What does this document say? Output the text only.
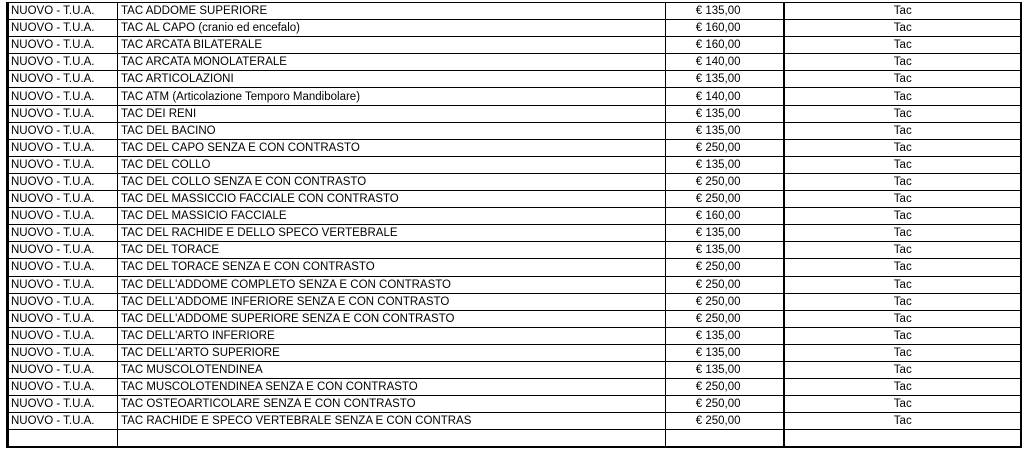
NUOVO - T.U.A.	TAC ADDOME SUPERIORE	€ 135,00	Tac
NUOVO - T.U.A.	TAC AL CAPO (cranio ed encefalo)	€ 160,00	Tac
NUOVO - T.U.A.	TAC ARCATA BILATERALE	€ 160,00	Tac
NUOVO - T.U.A.	TAC ARCATA MONOLATERALE	€ 140,00	Tac
NUOVO - T.U.A.	TAC ARTICOLAZIONI	€ 135,00	Tac
NUOVO - T.U.A.	TAC ATM (Articolazione Temporo Mandibolare)	€ 140,00	Tac
NUOVO - T.U.A.	TAC DEI RENI	€ 135,00	Tac
NUOVO - T.U.A.	TAC DEL BACINO	€ 135,00	Tac
NUOVO - T.U.A.	TAC DEL CAPO SENZA E CON CONTRASTO	€ 250,00	Tac
NUOVO - T.U.A.	TAC DEL COLLO	€ 135,00	Tac
NUOVO - T.U.A.	TAC DEL COLLO SENZA E CON CONTRASTO	€ 250,00	Tac
NUOVO - T.U.A.	TAC DEL MASSICCIO FACCIALE CON CONTRASTO	€ 250,00	Tac
NUOVO - T.U.A.	TAC DEL MASSICIO FACCIALE	€ 160,00	Tac
NUOVO - T.U.A.	TAC DEL RACHIDE E DELLO SPECO VERTEBRALE	€ 135,00	Tac
NUOVO - T.U.A.	TAC DEL TORACE	€ 135,00	Tac
NUOVO - T.U.A.	TAC DEL TORACE SENZA E CON CONTRASTO	€ 250,00	Tac
NUOVO - T.U.A.	TAC DELL'ADDOME COMPLETO SENZA E CON CONTRASTO	€ 250,00	Tac
NUOVO - T.U.A.	TAC DELL'ADDOME INFERIORE SENZA E CON CONTRASTO	€ 250,00	Tac
NUOVO - T.U.A.	TAC DELL'ADDOME SUPERIORE SENZA E CON CONTRASTO	€ 250,00	Tac
NUOVO - T.U.A.	TAC DELL'ARTO INFERIORE	€ 135,00	Tac
NUOVO - T.U.A.	TAC DELL'ARTO SUPERIORE	€ 135,00	Tac
NUOVO - T.U.A.	TAC MUSCOLOTENDINEA	€ 135,00	Tac
NUOVO - T.U.A.	TAC MUSCOLOTENDINEA SENZA E CON CONTRASTO	€ 250,00	Tac
NUOVO - T.U.A.	TAC OSTEOARTICOLARE SENZA E CON CONTRASTO	€ 250,00	Tac
NUOVO - T.U.A.	TAC RACHIDE E SPECO VERTEBRALE SENZA E CON CONTRAS	€ 250,00	Tac
